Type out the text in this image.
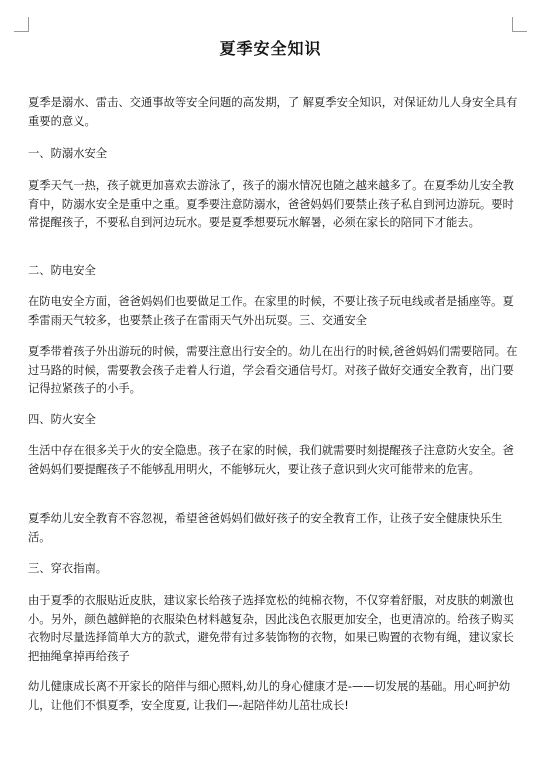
夏季安全知识
夏季是溺水、雷击、交通事故等安全问题的高发期，了 解夏季安全知识，对保证幼儿人身安全具有重要的意义。
一、防溺水安全
夏季天气一热，孩子就更加喜欢去游泳了，孩子的溺水情况也随之越来越多了。在夏季幼儿安全教育中，防溺水安全是重中之重。夏季要注意防溺水，爸爸妈妈们要禁止孩子私自到河边游玩。要时常提醒孩子，不要私自到河边玩水。要是夏季想要玩水解暑，必须在家长的陪同下才能去。
二、防电安全
在防电安全方面，爸爸妈妈们也要做足工作。在家里的时候，不要让孩子玩电线或者是插座等。夏季雷雨天气较多，也要禁止孩子在雷雨天气外出玩耍。三、交通安全
夏季带着孩子外出游玩的时候，需要注意出行安全的。幼儿在出行的时候,爸爸妈妈们需要陪同。在过马路的时候，需要教会孩子走着人行道，学会看交通信号灯。对孩子做好交通安全教育，出门要记得拉紧孩子的小手。
四、防火安全
生活中存在很多关于火的安全隐患。孩子在家的时候，我们就需要时刻提醒孩子注意防火安全。爸爸妈妈们要提醒孩子不能够乱用明火，不能够玩火，要让孩子意识到火灾可能带来的危害。
夏季幼儿安全教育不容忽视，希望爸爸妈妈们做好孩子的安全教育工作，让孩子安全健康快乐生活。
三、穿衣指南。
由于夏季的衣服贴近皮肤，建议家长给孩子选择宽松的纯棉衣物，不仅穿着舒服，对皮肤的刺激也小。另外，颜色越鲜艳的衣服染色材料越复杂，因此浅色衣服更加安全，也更清凉的。给孩子购买衣物时尽量选择简单大方的款式，避免带有过多装饰物的衣物，如果已购置的衣物有绳，建议家长把抽绳拿掉再给孩子
幼儿健康成长离不开家长的陪伴与细心照料,幼儿的身心健康才是-——切发展的基础。用心呵护幼儿，让他们不惧夏季，安全度夏, 让我们—-起陪伴幼儿茁壮成长!
